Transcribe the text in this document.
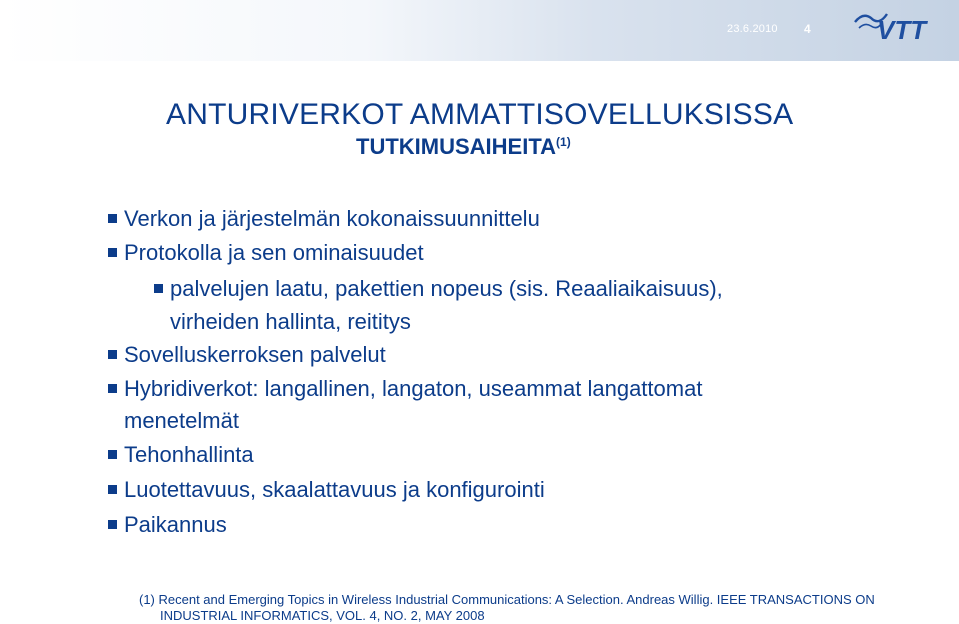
23.6.2010 4	VTT
ANTURIVERKOT AMMATTISOVELLUKSISSA
TUTKIMUSAIHEITA$^{(1)}$
Verkon ja järjestelmän kokonaissuunnittelu
Protokolla ja sen ominaisuudet
palvelujen laatu, pakettien nopeus (sis. Reaaliaikaisuus),
virheiden hallinta, reititys
Sovelluskerroksen palvelut
Hybridiverkot: langallinen, langaton, useammat langattomat
menetelmät
Tehonhallinta
Luotettavuus, skaalattavuus ja konfigurointi
Paikannus
(1) Recent and Emerging Topics in Wireless Industrial Communications: A Selection. Andreas Willig. IEEE TRANSACTIONS ON
INDUSTRIAL INFORMATICS, VOL. 4, NO. 2, MAY 2008
